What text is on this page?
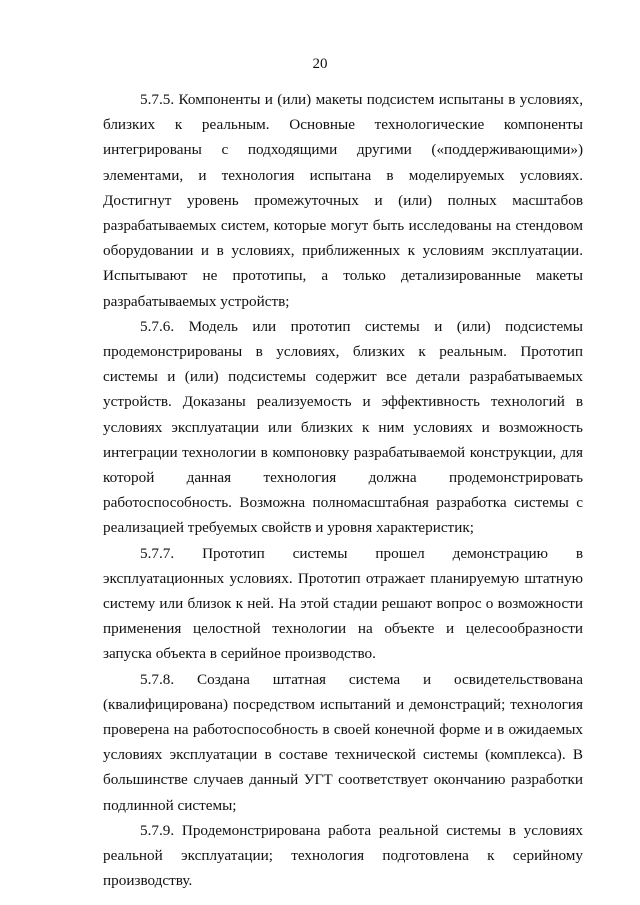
20

5.7.5. Компоненты и (или) макеты подсистем испытаны в условиях, близких к реальным. Основные технологические компоненты интегрированы с подходящими другими («поддерживающими») элементами, и технология испытана в моделируемых условиях. Достигнут уровень промежуточных и (или) полных масштабов разрабатываемых систем, которые могут быть исследованы на стендовом оборудовании и в условиях, приближенных к условиям эксплуатации. Испытывают не прототипы, а только детализированные макеты разрабатываемых устройств;

5.7.6. Модель или прототип системы и (или) подсистемы продемонстрированы в условиях, близких к реальным. Прототип системы и (или) подсистемы содержит все детали разрабатываемых устройств. Доказаны реализуемость и эффективность технологий в условиях эксплуатации или близких к ним условиях и возможность интеграции технологии в компоновку разрабатываемой конструкции, для которой данная технология должна продемонстрировать работоспособность. Возможна полномасштабная разработка системы с реализацией требуемых свойств и уровня характеристик;

5.7.7. Прототип системы прошел демонстрацию в эксплуатационных условиях. Прототип отражает планируемую штатную систему или близок к ней. На этой стадии решают вопрос о возможности применения целостной технологии на объекте и целесообразности запуска объекта в серийное производство.

5.7.8. Создана штатная система и освидетельствована (квалифицирована) посредством испытаний и демонстраций; технология проверена на работоспособность в своей конечной форме и в ожидаемых условиях эксплуатации в составе технической системы (комплекса). В большинстве случаев данный УГТ соответствует окончанию разработки подлинной системы;

5.7.9. Продемонстрирована работа реальной системы в условиях реальной эксплуатации; технология подготовлена к серийному производству.
